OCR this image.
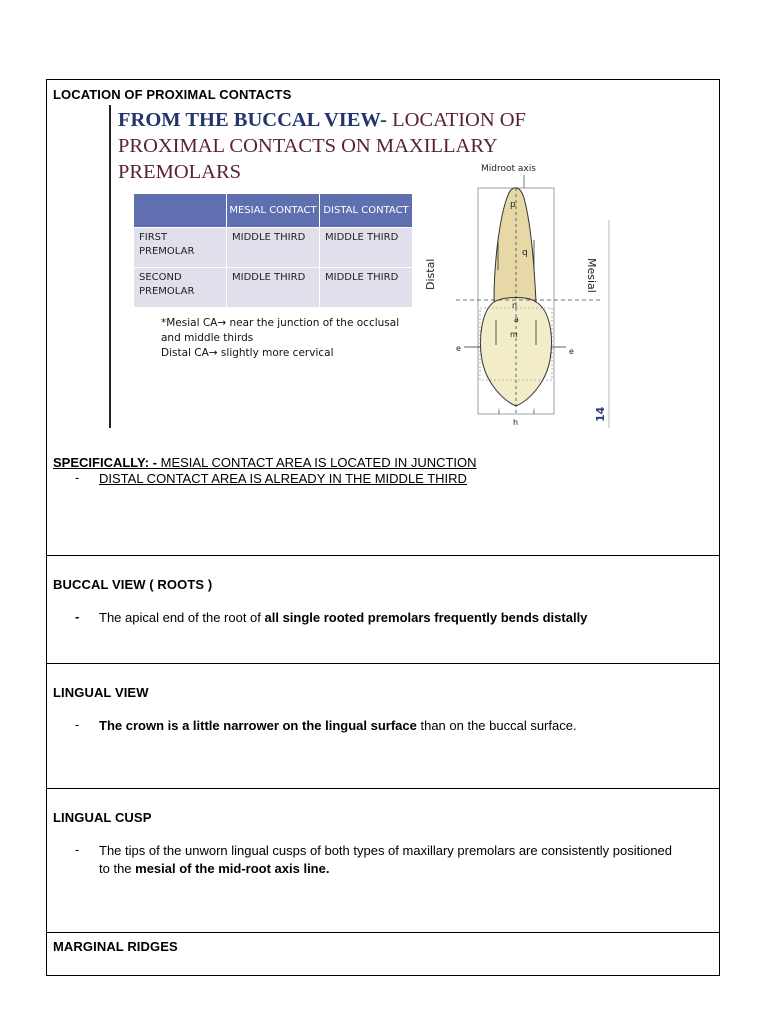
LOCATION OF PROXIMAL CONTACTS
FROM THE BUCCAL VIEW- LOCATION OF PROXIMAL CONTACTS ON MAXILLARY PREMOLARS
	MESIAL CONTACT	DISTAL CONTACT
FIRST PREMOLAR	MIDDLE THIRD	MIDDLE THIRD
SECOND PREMOLAR	MIDDLE THIRD	MIDDLE THIRD
*Mesial CA→ near the junction of the occlusal and middle thirds
Distal CA→ slightly more cervical
Midroot axis
p
q
n
a
m
e	e
i	i
h
Distal	Mesial
14
SPECIFICALLY: - MESIAL CONTACT AREA IS LOCATED IN JUNCTION
- DISTAL CONTACT AREA IS ALREADY IN THE MIDDLE THIRD
BUCCAL VIEW ( ROOTS )
- The apical end of the root of all single rooted premolars frequently bends distally
LINGUAL VIEW
- The crown is a little narrower on the lingual surface than on the buccal surface.
LINGUAL CUSP
- The tips of the unworn lingual cusps of both types of maxillary premolars are consistently positioned to the mesial of the mid-root axis line.
MARGINAL RIDGES
